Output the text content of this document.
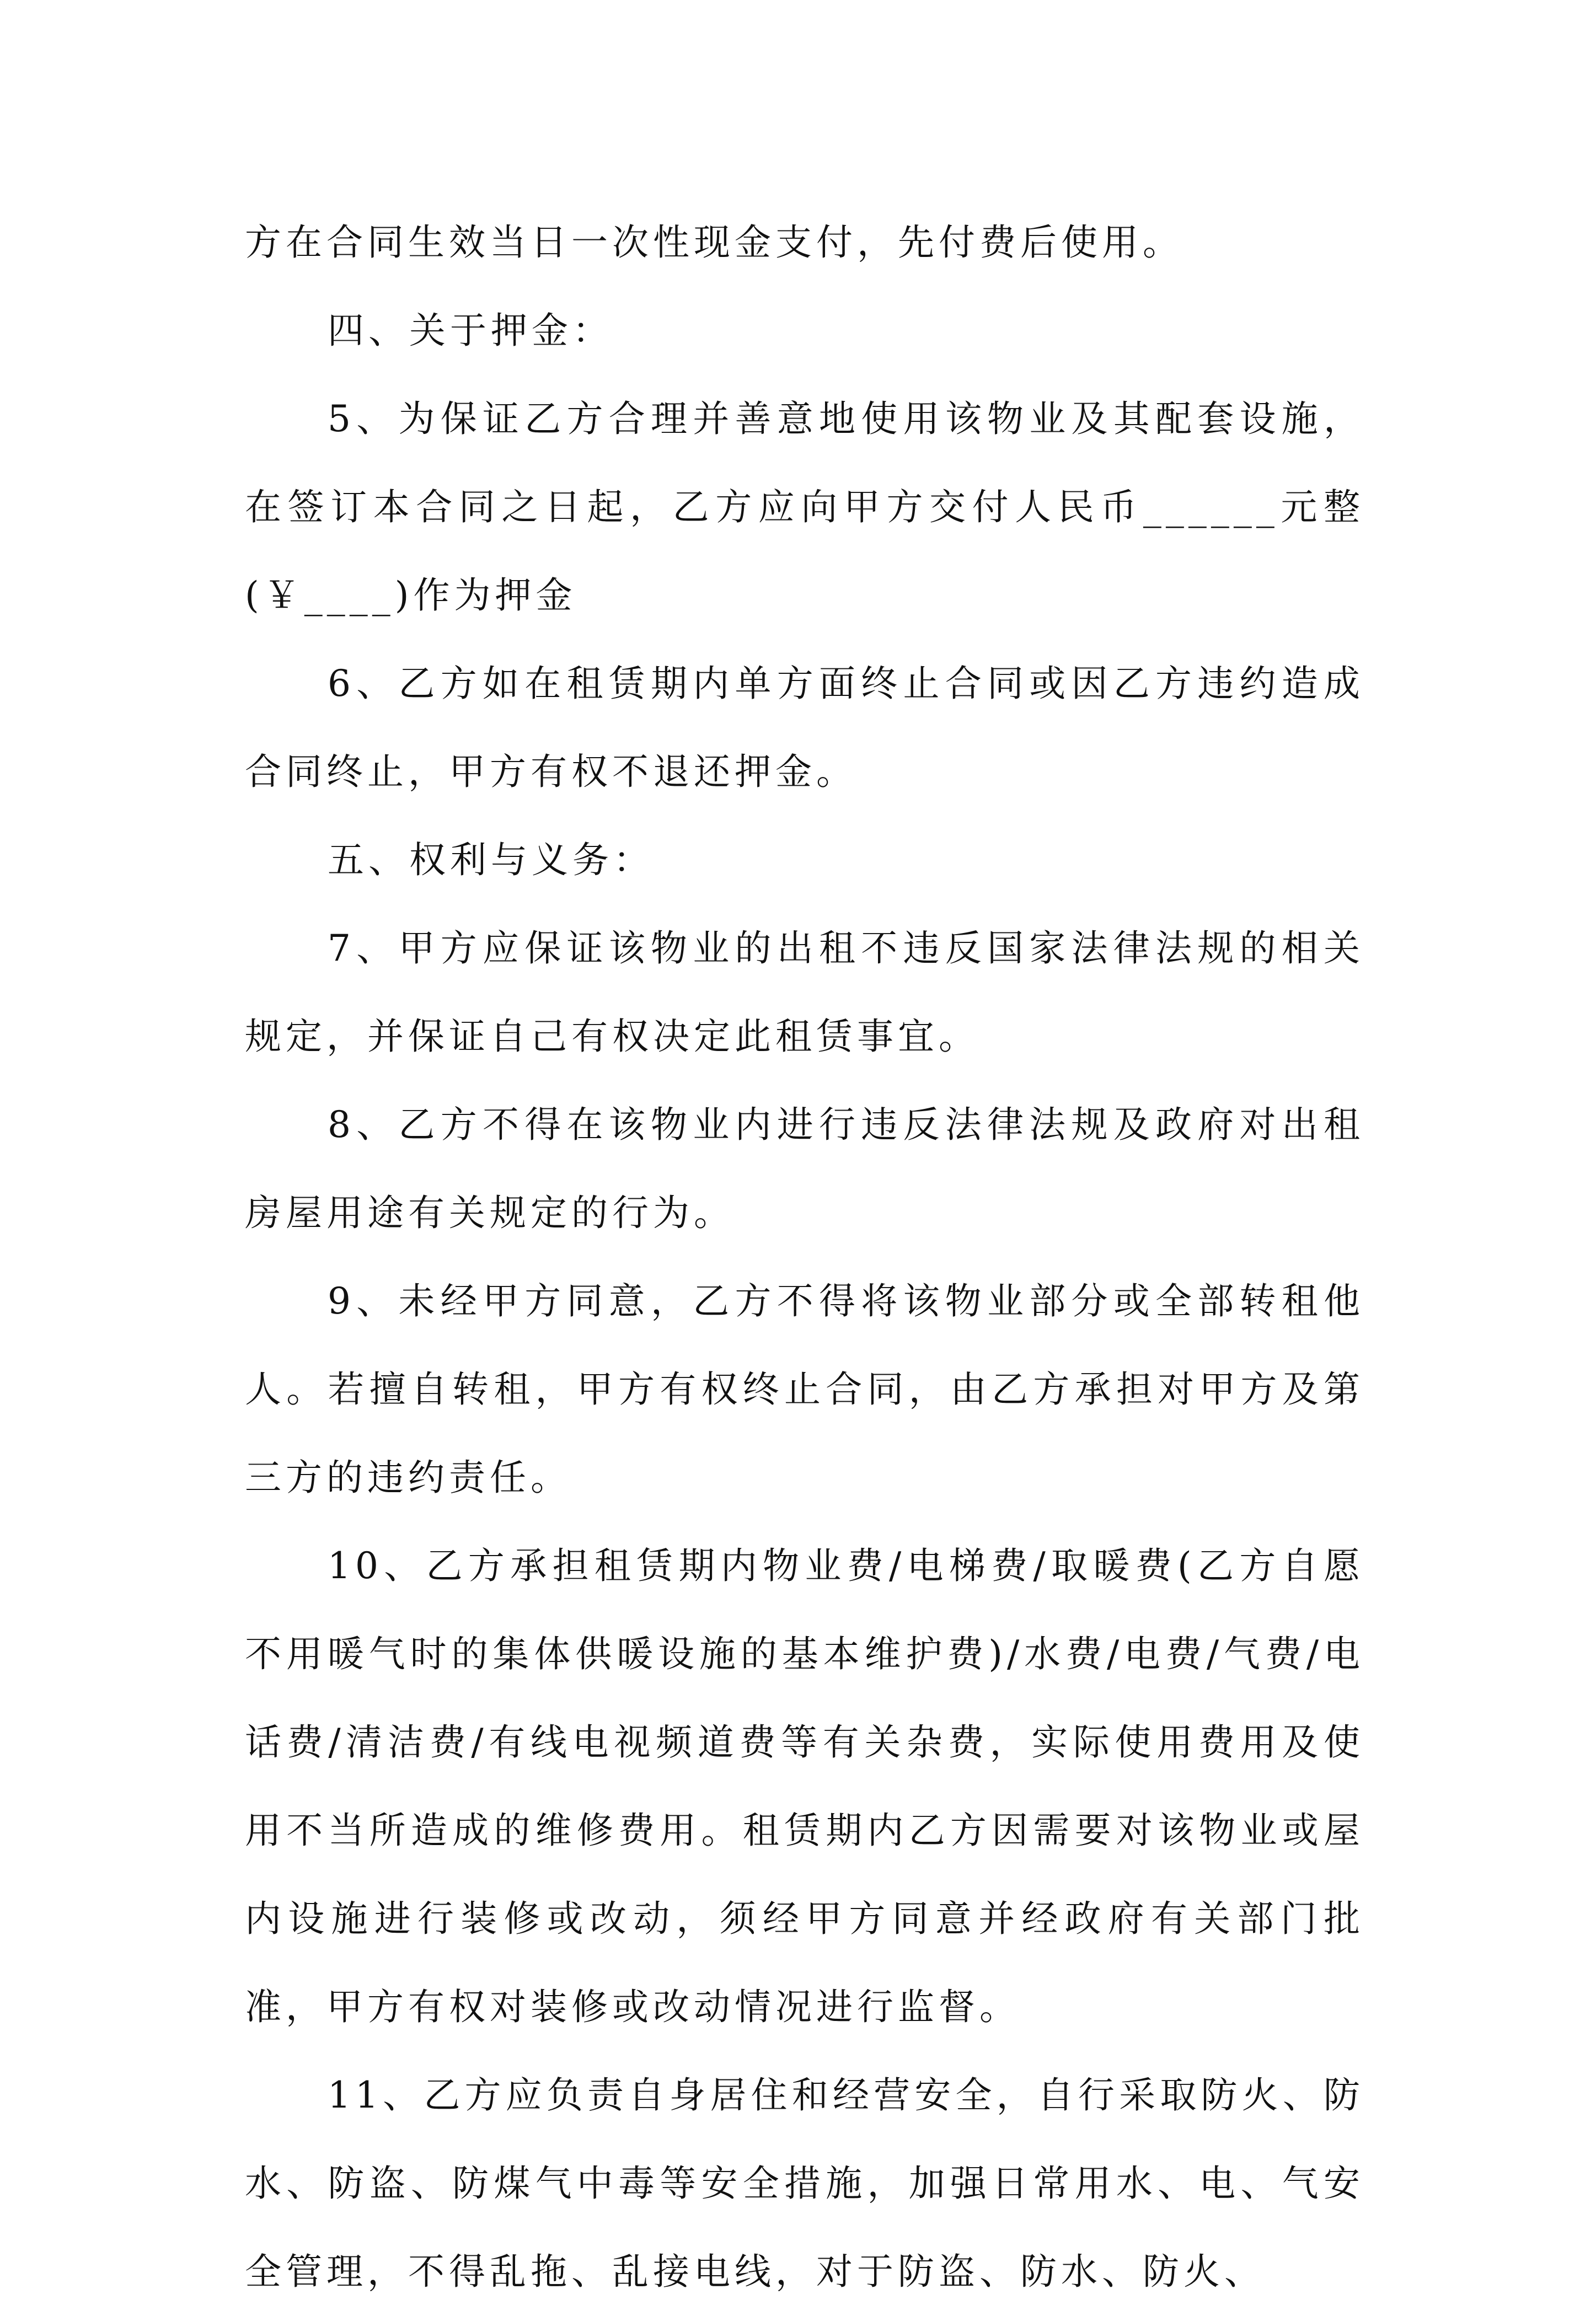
方在合同生效当日一次性现金支付，先付费后使用。

四、关于押金：

5、为保证乙方合理并善意地使用该物业及其配套设施，在签订本合同之日起，乙方应向甲方交付人民币______元整(￥____)作为押金

6、乙方如在租赁期内单方面终止合同或因乙方违约造成合同终止，甲方有权不退还押金。

五、权利与义务：

7、甲方应保证该物业的出租不违反国家法律法规的相关规定，并保证自己有权决定此租赁事宜。

8、乙方不得在该物业内进行违反法律法规及政府对出租房屋用途有关规定的行为。

9、未经甲方同意，乙方不得将该物业部分或全部转租他人。若擅自转租，甲方有权终止合同，由乙方承担对甲方及第三方的违约责任。

10、乙方承担租赁期内物业费/电梯费/取暖费(乙方自愿不用暖气时的集体供暖设施的基本维护费)/水费/电费/气费/电话费/清洁费/有线电视频道费等有关杂费，实际使用费用及使用不当所造成的维修费用。租赁期内乙方因需要对该物业或屋内设施进行装修或改动，须经甲方同意并经政府有关部门批准，甲方有权对装修或改动情况进行监督。

11、乙方应负责自身居住和经营安全，自行采取防火、防水、防盗、防煤气中毒等安全措施，加强日常用水、电、气安全管理，不得乱拖、乱接电线，对于防盗、防水、防火、
